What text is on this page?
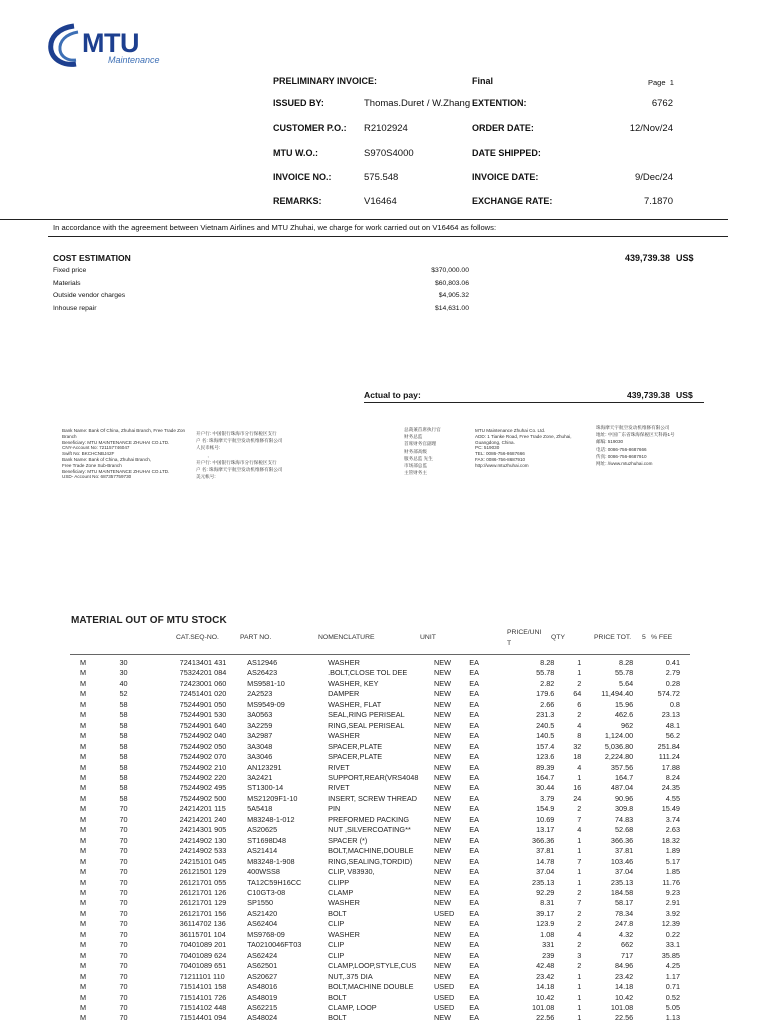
MTU
Maintenance
PRELIMINARY INVOICE:	Final	Page 1
ISSUED BY:	Thomas.Duret / W.Zhang EXTENTION:	6762
CUSTOMER P.O.: R2102924	ORDER DATE:	12/Nov/24
MTU W.O.:	S970S4000	DATE SHIPPED:
INVOICE NO.:	575.548	INVOICE DATE:	9/Dec/24
REMARKS:	V16464	EXCHANGE RATE:	7.1870
In accordance with the agreement between Vietnam Airlines and MTU Zhuhai, we charge for work carried out on V16464 as follows:
COST ESTIMATION	439,739.38 US$
Fixed price	$370,000.00
Materials	$60,803.06
Outside vendor charges	$4,905.32
Inhouse repair	$14,631.00
Actual to pay:	439,739.38 US$
Bank Name: Bank Of China, Zhuhai Branch, Free Trade Zon
Branch
Beneficiary: MTU MAINTENANCE ZHUHAI CO.LTD.
CNY-Account No: 721157746047
Swift No: BKCHCNBJ42F
Bank Name: Bank of China, Zhuhai Branch,
Free Trade Zone Sub-Branch
Beneficiary: MTU MAINTENANCE ZHUHAI CO.LTD.
USD- Account No: 687357759730
开户行: 中国银行珠海市分行保税区支行
户 名: 珠海摩天宇航空发动机维修有限公司
人民币帐号:
,
开户行: 中国银行珠海市分行保税区支行
户 名: 珠海摩天宇航空发动机维修有限公司
美元帐号:
总裁兼首席执行官
财务总监
首席财务官副理
财务部高级
服务总监 先生
市场部总监
主管财务主
MTU Maintenance Zhuhai Co. Ltd.
ADD: 1 Tianke Road, Free Trade Zone, Zhuhai,
Guangdong, China.
PC: 519030
TEL: 0086-756-8687666
FAX: 0086-756-8687910
http://www.mtuzhuhai.com
珠海摩天宇航空发动机维修有限公司
地址: 中国广东省珠海保税区天科路1号
邮编: 519030
电话: 0086-756-8687666
传真: 0086-756-8687910
网址: //www.mtuzhuhai.com
MATERIAL OUT OF MTU STOCK
CAT.SEQ-NO.	PART NO.	NOMENCLATURE	UNIT
PRICE/UNI
T
QTY	PRICE TOT. 5 % FEE
M	30	72413401 431	AS12946	WASHER	NEW	EA	8.28	1	8.28	0.41
M	30	75324201 084	AS26423	.BOLT,CLOSE TOL DEE	NEW	EA	55.78	1	55.78	2.79
M	40	72423001 060	MS9581-10	WASHER, KEY	NEW	EA	2.82	2	5.64	0.28
M	52	72451401 020	2A2523	DAMPER	NEW	EA	179.6	64	11,494.40	574.72
M	58	75244901 050	MS9549-09	WASHER, FLAT	NEW	EA	2.66	6	15.96	0.8
M	58	75244901 530	3A0563	SEAL,RING PERISEAL	NEW	EA	231.3	2	462.6	23.13
M	58	75244901 640	3A2259	RING,SEAL PERISEAL	NEW	EA	240.5	4	962	48.1
M	58	75244902 040	3A2987	WASHER	NEW	EA	140.5	8	1,124.00	56.2
M	58	75244902 050	3A3048	SPACER,PLATE	NEW	EA	157.4	32	5,036.80	251.84
M	58	75244902 070	3A3046	SPACER,PLATE	NEW	EA	123.6	18	2,224.80	111.24
M	58	75244902 210	AN123291	RIVET	NEW	EA	89.39	4	357.56	17.88
M	58	75244902 220	3A2421	SUPPORT,REAR(VRS4048	NEW	EA	164.7	1	164.7	8.24
M	58	75244902 495	ST1300-14	RIVET	NEW	EA	30.44	16	487.04	24.35
M	58	75244902 500	MS21209F1-10	INSERT, SCREW THREAD	NEW	EA	3.79	24	90.96	4.55
M	70	24214201 115	5A5418	PIN	NEW	EA	154.9	2	309.8	15.49
M	70	24214201 240	M83248-1-012	PREFORMED PACKING	NEW	EA	10.69	7	74.83	3.74
M	70	24214301 905	AS20625	NUT ,SILVERCOATING**	NEW	EA	13.17	4	52.68	2.63
M	70	24214902 130	ST1698D48	SPACER (*)	NEW	EA	366.36	1	366.36	18.32
M	70	24214902 533	AS21414	BOLT,MACHINE,DOUBLE	NEW	EA	37.81	1	37.81	1.89
M	70	24215101 045	M83248-1-908	RING,SEALING,TORDID)	NEW	EA	14.78	7	103.46	5.17
M	70	26121501 129	400WSS8	CLIP, V83930,	NEW	EA	37.04	1	37.04	1.85
M	70	26121701 055	TA12C59H16CC	CLIPP	NEW	EA	235.13	1	235.13	11.76
M	70	26121701 126	C10GT3-08	CLAMP	NEW	EA	92.29	2	184.58	9.23
M	70	26121701 129	SP1550	WASHER	NEW	EA	8.31	7	58.17	2.91
M	70	26121701 156	AS21420	BOLT	USED	EA	39.17	2	78.34	3.92
M	70	36114702 136	AS62404	CLIP	NEW	EA	123.9	2	247.8	12.39
M	70	36115701 104	MS9768-09	WASHER	NEW	EA	1.08	4	4.32	0.22
M	70	70401089 201	TA0210046FT03	CLIP	NEW	EA	331	2	662	33.1
M	70	70401089 624	AS62424	CLIP	NEW	EA	239	3	717	35.85
M	70	70401089 651	AS62501	CLAMP,LOOP,STYLE,CUS	NEW	EA	42.48	2	84.96	4.25
M	70	71211101 110	AS20627	NUT,.375 DIA	NEW	EA	23.42	1	23.42	1.17
M	70	71514101 158	AS48016	BOLT,MACHINE DOUBLE	USED	EA	14.18	1	14.18	0.71
M	70	71514101 726	AS48019	BOLT	USED	EA	10.42	1	10.42	0.52
M	70	71514102 448	AS62215	CLAMP, LOOP	USED	EA	101.08	1	101.08	5.05
M	70	71514401 094	AS48024	BOLT	NEW	EA	22.56	1	22.56	1.13
